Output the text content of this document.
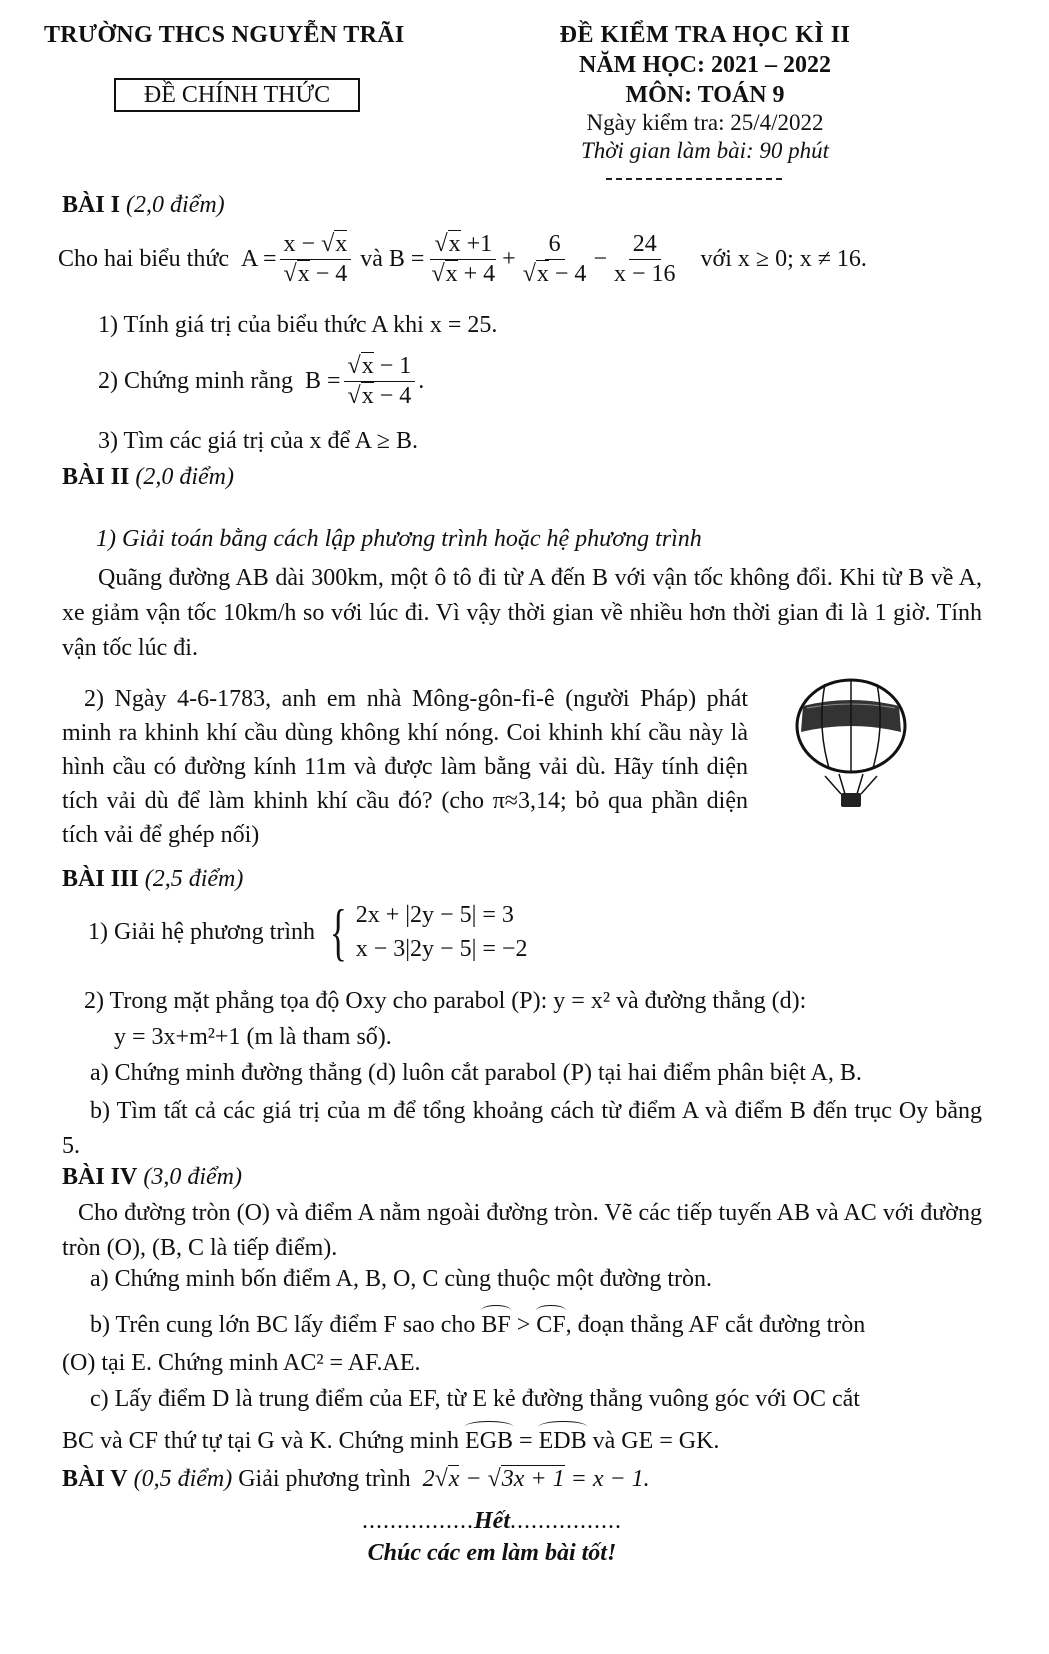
TRƯỜNG THCS NGUYỄN TRÃI
ĐỀ CHÍNH THỨC
ĐỀ KIỂM TRA HỌC KÌ II
NĂM HỌC: 2021 – 2022
MÔN: TOÁN 9
Ngày kiểm tra: 25/4/2022
Thời gian làm bài: 90 phút
BÀI I (2,0 điểm)
Cho hai biểu thức $A = \frac{x - √x}{√x - 4}$
và $B = \frac{√x +1}{√x + 4} + \frac{6}{√x - 4} - \frac{24}{x - 16}$
với x ≥ 0; x ≠ 16.
1) Tính giá trị của biểu thức A khi x = 25.
2) Chứng minh rằng $B = \frac{√x - 1}{√x - 4}$ .
3) Tìm các giá trị của x để A ≥ B.
BÀI II (2,0 điểm)
1) Giải toán bằng cách lập phương trình hoặc hệ phương trình
Quãng đường AB dài 300km, một ô tô đi từ A đến B với vận tốc không đổi. Khi từ B về A, xe giảm vận tốc 10km/h so với lúc đi. Vì vậy thời gian về nhiều hơn thời gian đi là 1 giờ. Tính vận tốc lúc đi.
2) Ngày 4-6-1783, anh em nhà Mông-gôn-fi-ê (người Pháp) phát minh ra khinh khí cầu dùng không khí nóng. Coi khinh khí cầu này là hình cầu có đường kính 11m và được làm bằng vải dù. Hãy tính diện tích vải dù để làm khinh khí cầu đó? (cho π≈3,14; bỏ qua phần diện tích vải để ghép nối)
BÀI III (2,5 điểm)
1) Giải hệ phương trình { 2x + |2y − 5| = 3
x − 3|2y − 5| = −2
2) Trong mặt phẳng tọa độ Oxy cho parabol (P): y = x² và đường thẳng (d):
y = 3x+m²+1 (m là tham số).
a) Chứng minh đường thẳng (d) luôn cắt parabol (P) tại hai điểm phân biệt A, B.
b) Tìm tất cả các giá trị của m để tổng khoảng cách từ điểm A và điểm B đến trục Oy bằng 5.
BÀI IV (3,0 điểm)
Cho đường tròn (O) và điểm A nằm ngoài đường tròn. Vẽ các tiếp tuyến AB và AC với đường tròn (O), (B, C là tiếp điểm).
a) Chứng minh bốn điểm A, B, O, C cùng thuộc một đường tròn.
b) Trên cung lớn BC lấy điểm F sao cho BF > CF, đoạn thẳng AF cắt đường tròn
(O) tại E. Chứng minh AC² = AF.AE.
c) Lấy điểm D là trung điểm của EF, từ E kẻ đường thẳng vuông góc với OC cắt
BC và CF thứ tự tại G và K. Chứng minh EGB = EDB và GE = GK.
BÀI V (0,5 điểm) Giải phương trình  2√x − √3x + 1 = x − 1.
................Hết................
Chúc các em làm bài tốt!
